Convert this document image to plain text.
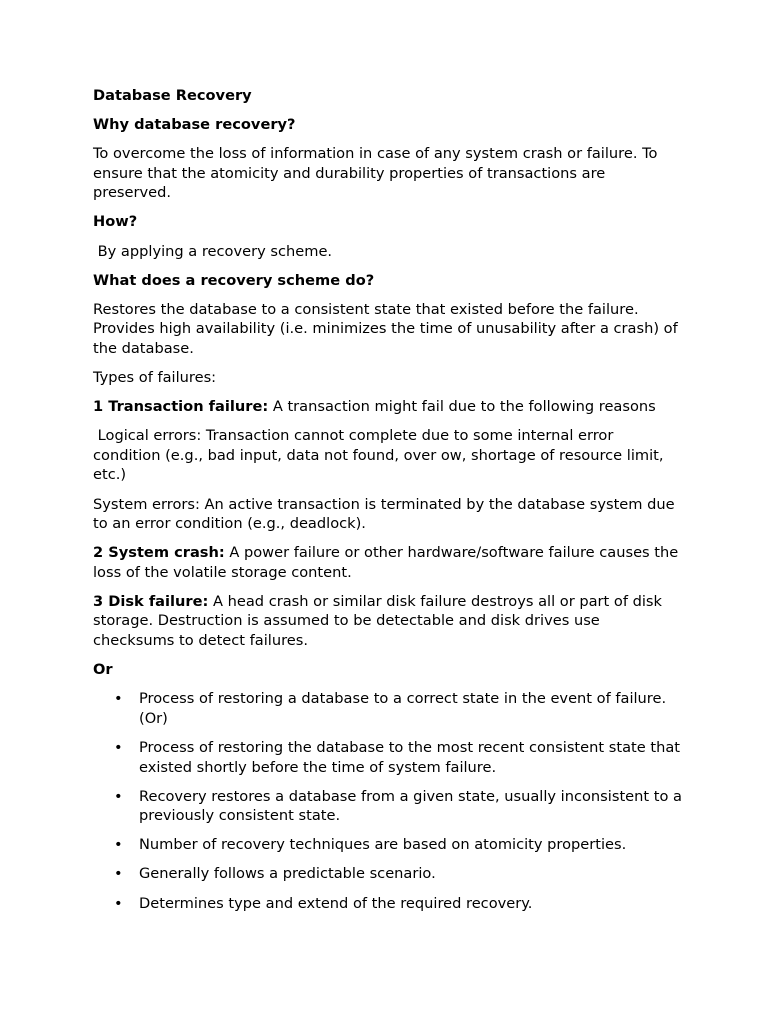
Database Recovery

Why database recovery?

To overcome the loss of information in case of any system crash or failure. To ensure that the atomicity and durability properties of transactions are preserved.

How?

By applying a recovery scheme.

What does a recovery scheme do?

Restores the database to a consistent state that existed before the failure. Provides high availability (i.e. minimizes the time of unusability after a crash) of the database.

Types of failures:

1 Transaction failure: A transaction might fail due to the following reasons

Logical errors: Transaction cannot complete due to some internal error condition (e.g., bad input, data not found, over ow, shortage of resource limit, etc.)

System errors: An active transaction is terminated by the database system due to an error condition (e.g., deadlock).

2 System crash: A power failure or other hardware/software failure causes the loss of the volatile storage content.

3 Disk failure: A head crash or similar disk failure destroys all or part of disk storage. Destruction is assumed to be detectable and disk drives use checksums to detect failures.

Or

• Process of restoring a database to a correct state in the event of failure.(Or)
• Process of restoring the database to the most recent consistent state that existed shortly before the time of system failure.
• Recovery restores a database from a given state, usually inconsistent to a previously consistent state.
• Number of recovery techniques are based on atomicity properties.
• Generally follows a predictable scenario.
• Determines type and extend of the required recovery.
